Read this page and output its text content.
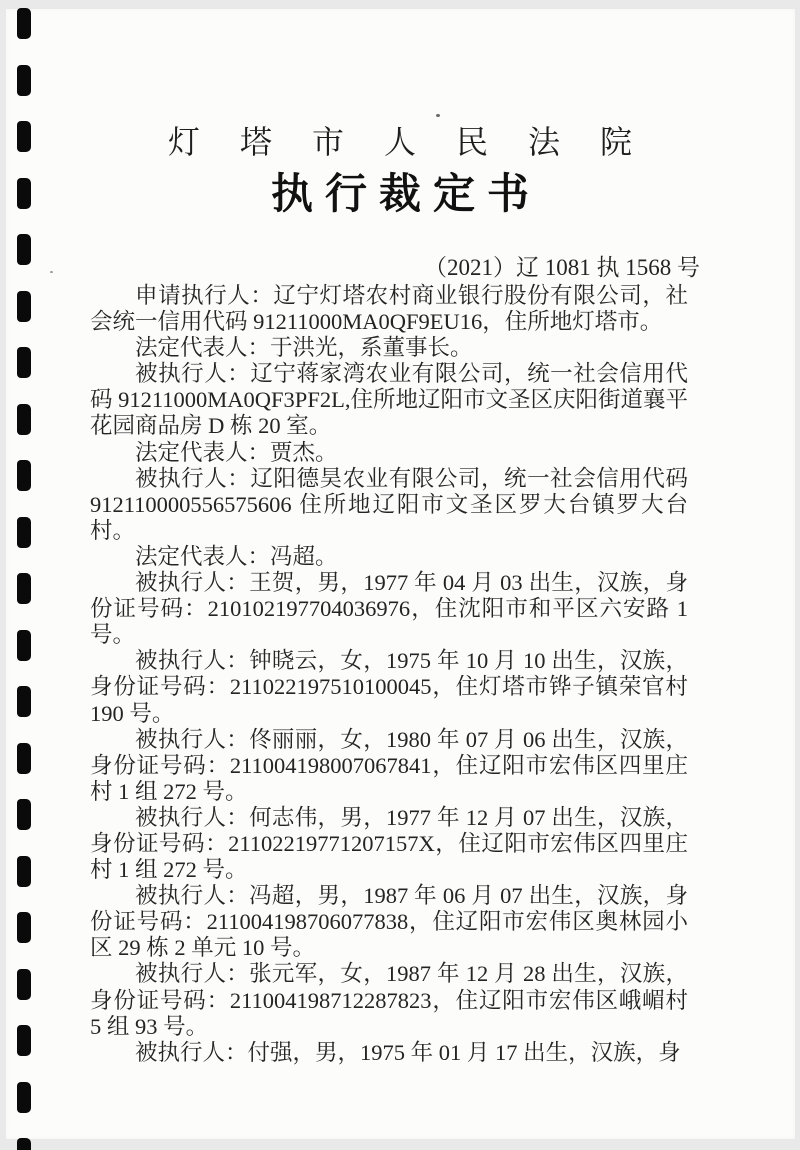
灯塔市人民法院
执行裁定书
（2021）辽 1081 执 1568 号

申请执行人：辽宁灯塔农村商业银行股份有限公司，社会统一信用代码 91211000MA0QF9EU16，住所地灯塔市。

法定代表人：于洪光，系董事长。

被执行人：辽宁蒋家湾农业有限公司，统一社会信用代码 91211000MA0QF3PF2L,住所地辽阳市文圣区庆阳街道襄平花园商品房 D 栋 20 室。

法定代表人：贾杰。

被执行人：辽阳德昊农业有限公司，统一社会信用代码 912110000556575606 住所地辽阳市文圣区罗大台镇罗大台村。

法定代表人：冯超。

被执行人：王贺，男，1977 年 04 月 03 出生，汉族，身份证号码：210102197704036976，住沈阳市和平区六安路 1 号。

被执行人：钟晓云，女，1975 年 10 月 10 出生，汉族，身份证号码：211022197510100045，住灯塔市铧子镇荣官村 190 号。

被执行人：佟丽丽，女，1980 年 07 月 06 出生，汉族，身份证号码：211004198007067841，住辽阳市宏伟区四里庄村 1 组 272 号。

被执行人：何志伟，男，1977 年 12 月 07 出生，汉族，身份证号码：21102219771207157X，住辽阳市宏伟区四里庄村 1 组 272 号。

被执行人：冯超，男，1987 年 06 月 07 出生，汉族，身份证号码：211004198706077838，住辽阳市宏伟区奥林园小区 29 栋 2 单元 10 号。

被执行人：张元军，女，1987 年 12 月 28 出生，汉族，身份证号码：211004198712287823，住辽阳市宏伟区峨嵋村 5 组 93 号。

被执行人：付强，男，1975 年 01 月 17 出生，汉族，身
